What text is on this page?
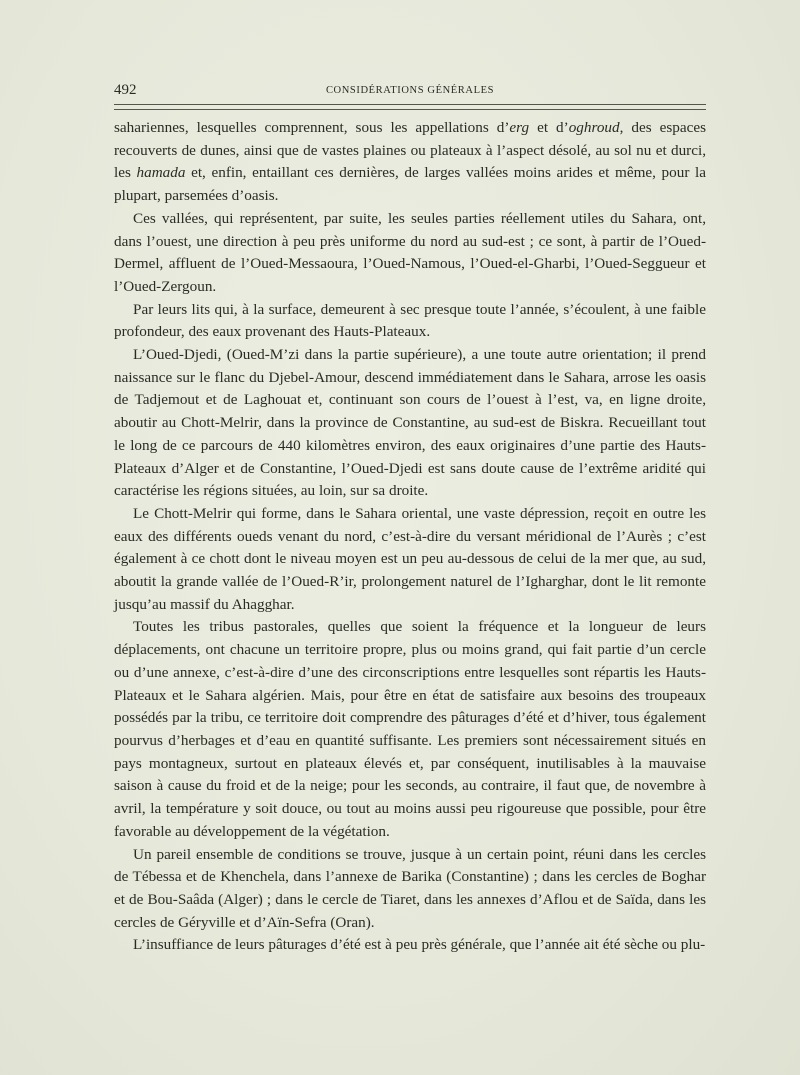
492	CONSIDÉRATIONS GÉNÉRALES

sahariennes, lesquelles comprennent, sous les appellations d’erg et d’oghroud, des espaces recouverts de dunes, ainsi que de vastes plaines ou plateaux à l’aspect désolé, au sol nu et durci, les hamada et, enfin, entaillant ces dernières, de larges vallées moins arides et même, pour la plupart, parsemées d’oasis.

Ces vallées, qui représentent, par suite, les seules parties réellement utiles du Sahara, ont, dans l’ouest, une direction à peu près uniforme du nord au sud-est ; ce sont, à partir de l’Oued-Dermel, affluent de l’Oued-Messaoura, l’Oued-Namous, l’Oued-el-Gharbi, l’Oued-Seggueur et l’Oued-Zergoun.

Par leurs lits qui, à la surface, demeurent à sec presque toute l’année, s’écoulent, à une faible profondeur, des eaux provenant des Hauts-Plateaux.

L’Oued-Djedi, (Oued-M’zi dans la partie supérieure), a une toute autre orientation; il prend naissance sur le flanc du Djebel-Amour, descend immédiatement dans le Sahara, arrose les oasis de Tadjemout et de Laghouat et, continuant son cours de l’ouest à l’est, va, en ligne droite, aboutir au Chott-Melrir, dans la province de Constantine, au sud-est de Biskra. Recueillant tout le long de ce parcours de 440 kilomètres environ, des eaux originaires d’une partie des Hauts-Plateaux d’Alger et de Constantine, l’Oued-Djedi est sans doute cause de l’extrême aridité qui caractérise les régions situées, au loin, sur sa droite.

Le Chott-Melrir qui forme, dans le Sahara oriental, une vaste dépression, reçoit en outre les eaux des différents oueds venant du nord, c’est-à-dire du versant méridional de l’Aurès ; c’est également à ce chott dont le niveau moyen est un peu au-dessous de celui de la mer que, au sud, aboutit la grande vallée de l’Oued-R’ir, prolongement naturel de l’Igharghar, dont le lit remonte jusqu’au massif du Ahagghar.

Toutes les tribus pastorales, quelles que soient la fréquence et la longueur de leurs déplacements, ont chacune un territoire propre, plus ou moins grand, qui fait partie d’un cercle ou d’une annexe, c’est-à-dire d’une des circonscriptions entre lesquelles sont répartis les Hauts-Plateaux et le Sahara algérien. Mais, pour être en état de satisfaire aux besoins des troupeaux possédés par la tribu, ce territoire doit comprendre des pâturages d’été et d’hiver, tous également pourvus d’herbages et d’eau en quantité suffisante. Les premiers sont nécessairement situés en pays montagneux, surtout en plateaux élevés et, par conséquent, inutilisables à la mauvaise saison à cause du froid et de la neige; pour les seconds, au contraire, il faut que, de novembre à avril, la température y soit douce, ou tout au moins aussi peu rigoureuse que possible, pour être favorable au développement de la végétation.

Un pareil ensemble de conditions se trouve, jusque à un certain point, réuni dans les cercles de Tébessa et de Khenchela, dans l’annexe de Barika (Constantine) ; dans les cercles de Boghar et de Bou-Saâda (Alger) ; dans le cercle de Tiaret, dans les annexes d’Aflou et de Saïda, dans les cercles de Géryville et d’Aïn-Sefra (Oran).

L’insuffiance de leurs pâturages d’été est à peu près générale, que l’année ait été sèche ou plu-
